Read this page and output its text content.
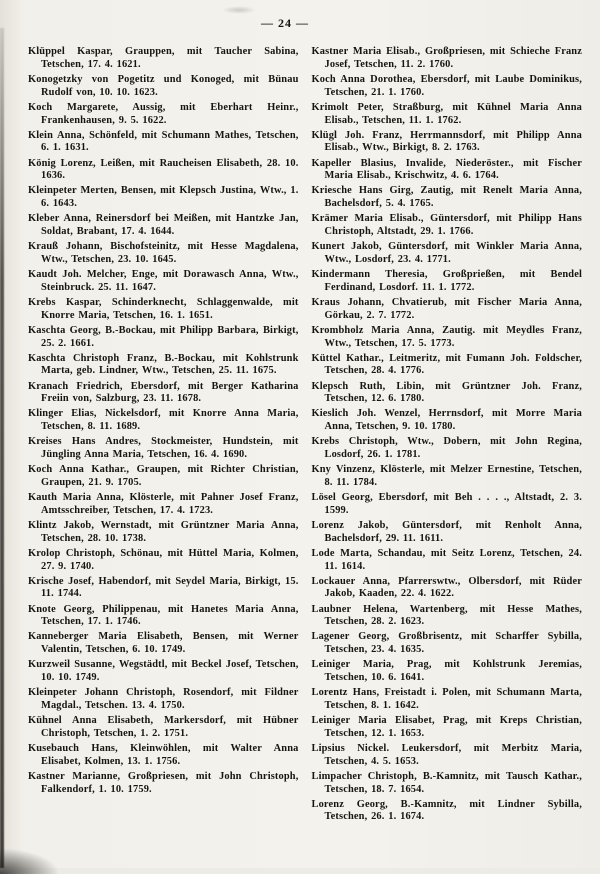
— 24 —

Klüppel Kaspar, Grauppen, mit Taucher Sabina, Tetschen, 17. 4. 1621.

Konogetzky von Pogetitz und Konoged, mit Bünau Rudolf von, 10. 10. 1623.

Koch Margarete, Aussig, mit Eberhart Heinr., Frankenhausen, 9. 5. 1622.

Klein Anna, Schönfeld, mit Schumann Mathes, Tetschen, 6. 1. 1631.

König Lorenz, Leißen, mit Raucheisen Elisabeth, 28. 10. 1636.

Kleinpeter Merten, Bensen, mit Klepsch Justina, Wtw., 1. 6. 1643.

Kleber Anna, Reinersdorf bei Meißen, mit Hantzke Jan, Soldat, Brabant, 17. 4. 1644.

Krauß Johann, Bischofsteinitz, mit Hesse Magdalena, Wtw., Tetschen, 23. 10. 1645.

Kaudt Joh. Melcher, Enge, mit Dorawasch Anna, Wtw., Steinbruck. 25. 11. 1647.

Krebs Kaspar, Schinderknecht, Schlaggenwalde, mit Knorre Maria, Tetschen, 16. 1. 1651.

Kaschta Georg, B.-Bockau, mit Philipp Barbara, Birkigt, 25. 2. 1661.

Kaschta Christoph Franz, B.-Bockau, mit Kohlstrunk Marta, geb. Lindner, Wtw., Tetschen, 25. 11. 1675.

Kranach Friedrich, Ebersdorf, mit Berger Katharina Freiin von, Salzburg, 23. 11. 1678.

Klinger Elias, Nickelsdorf, mit Knorre Anna Maria, Tetschen, 8. 11. 1689.

Kreises Hans Andres, Stockmeister, Hundstein, mit Jüngling Anna Maria, Tetschen, 16. 4. 1690.

Koch Anna Kathar., Graupen, mit Richter Christian, Graupen, 21. 9. 1705.

Kauth Maria Anna, Klösterle, mit Pahner Josef Franz, Amtsschreiber, Tetschen, 17. 4. 1723.

Klintz Jakob, Wernstadt, mit Grüntzner Maria Anna, Tetschen, 28. 10. 1738.

Krolop Christoph, Schönau, mit Hüttel Maria, Kolmen, 27. 9. 1740.

Krische Josef, Habendorf, mit Seydel Maria, Birkigt, 15. 11. 1744.

Knote Georg, Philippenau, mit Hanetes Maria Anna, Tetschen, 17. 1. 1746.

Kanneberger Maria Elisabeth, Bensen, mit Werner Valentin, Tetschen, 6. 10. 1749.

Kurzweil Susanne, Wegstädtl, mit Beckel Josef, Tetschen, 10. 10. 1749.

Kleinpeter Johann Christoph, Rosendorf, mit Fildner Magdal., Tetschen. 13. 4. 1750.

Kühnel Anna Elisabeth, Markersdorf, mit Hübner Christoph, Tetschen, 1. 2. 1751.

Kusebauch Hans, Kleinwöhlen, mit Walter Anna Elisabet, Kolmen, 13. 1. 1756.

Kastner Marianne, Großpriesen, mit John Christoph, Falkendorf, 1. 10. 1759.

Kastner Maria Elisab., Großpriesen, mit Schieche Franz Josef, Tetschen, 11. 2. 1760.

Koch Anna Dorothea, Ebersdorf, mit Laube Dominikus, Tetschen, 21. 1. 1760.

Krimolt Peter, Straßburg, mit Kühnel Maria Anna Elisab., Tetschen, 11. 1. 1762.

Klügl Joh. Franz, Herrmannsdorf, mit Philipp Anna Elisab., Wtw., Birkigt, 8. 2. 1763.

Kapeller Blasius, Invalide, Niederöster., mit Fischer Maria Elisab., Krischwitz, 4. 6. 1764.

Kriesche Hans Girg, Zautig, mit Renelt Maria Anna, Bachelsdorf, 5. 4. 1765.

Krämer Maria Elisab., Güntersdorf, mit Philipp Hans Christoph, Altstadt, 29. 1. 1766.

Kunert Jakob, Güntersdorf, mit Winkler Maria Anna, Wtw., Losdorf, 23. 4. 1771.

Kindermann Theresia, Großprießen, mit Bendel Ferdinand, Losdorf. 11. 1. 1772.

Kraus Johann, Chvatierub, mit Fischer Maria Anna, Görkau, 2. 7. 1772.

Krombholz Maria Anna, Zautig. mit Meydles Franz, Wtw., Tetschen, 17. 5. 1773.

Küttel Kathar., Leitmeritz, mit Fumann Joh. Foldscher, Tetschen, 28. 4. 1776.

Klepsch Ruth, Libin, mit Grüntzner Joh. Franz, Tetschen, 12. 6. 1780.

Kieslich Joh. Wenzel, Herrnsdorf, mit Morre Maria Anna, Tetschen, 9. 10. 1780.

Krebs Christoph, Wtw., Dobern, mit John Regina, Losdorf, 26. 1. 1781.

Kny Vinzenz, Klösterle, mit Melzer Ernestine, Tetschen, 8. 11. 1784.

Lösel Georg, Ebersdorf, mit Beh . . . ., Altstadt, 2. 3. 1599.

Lorenz Jakob, Güntersdorf, mit Renholt Anna, Bachelsdorf, 29. 11. 1611.

Lode Marta, Schandau, mit Seitz Lorenz, Tetschen, 24. 11. 1614.

Lockauer Anna, Pfarrerswtw., Olbersdorf, mit Rüder Jakob, Kaaden, 22. 4. 1622.

Laubner Helena, Wartenberg, mit Hesse Mathes, Tetschen, 28. 2. 1623.

Lagener Georg, Großbrisentz, mit Scharffer Sybilla, Tetschen, 23. 4. 1635.

Leiniger Maria, Prag, mit Kohlstrunk Jeremias, Tetschen, 10. 6. 1641.

Lorentz Hans, Freistadt i. Polen, mit Schumann Marta, Tetschen, 8. 1. 1642.

Leiniger Maria Elisabet, Prag, mit Kreps Christian, Tetschen, 12. 1. 1653.

Lipsius Nickel. Leukersdorf, mit Merbitz Maria, Tetschen, 4. 5. 1653.

Limpacher Christoph, B.-Kamnitz, mit Tausch Kathar., Tetschen, 18. 7. 1654.

Lorenz Georg, B.-Kamnitz, mit Lindner Sybilla, Tetschen, 26. 1. 1674.
